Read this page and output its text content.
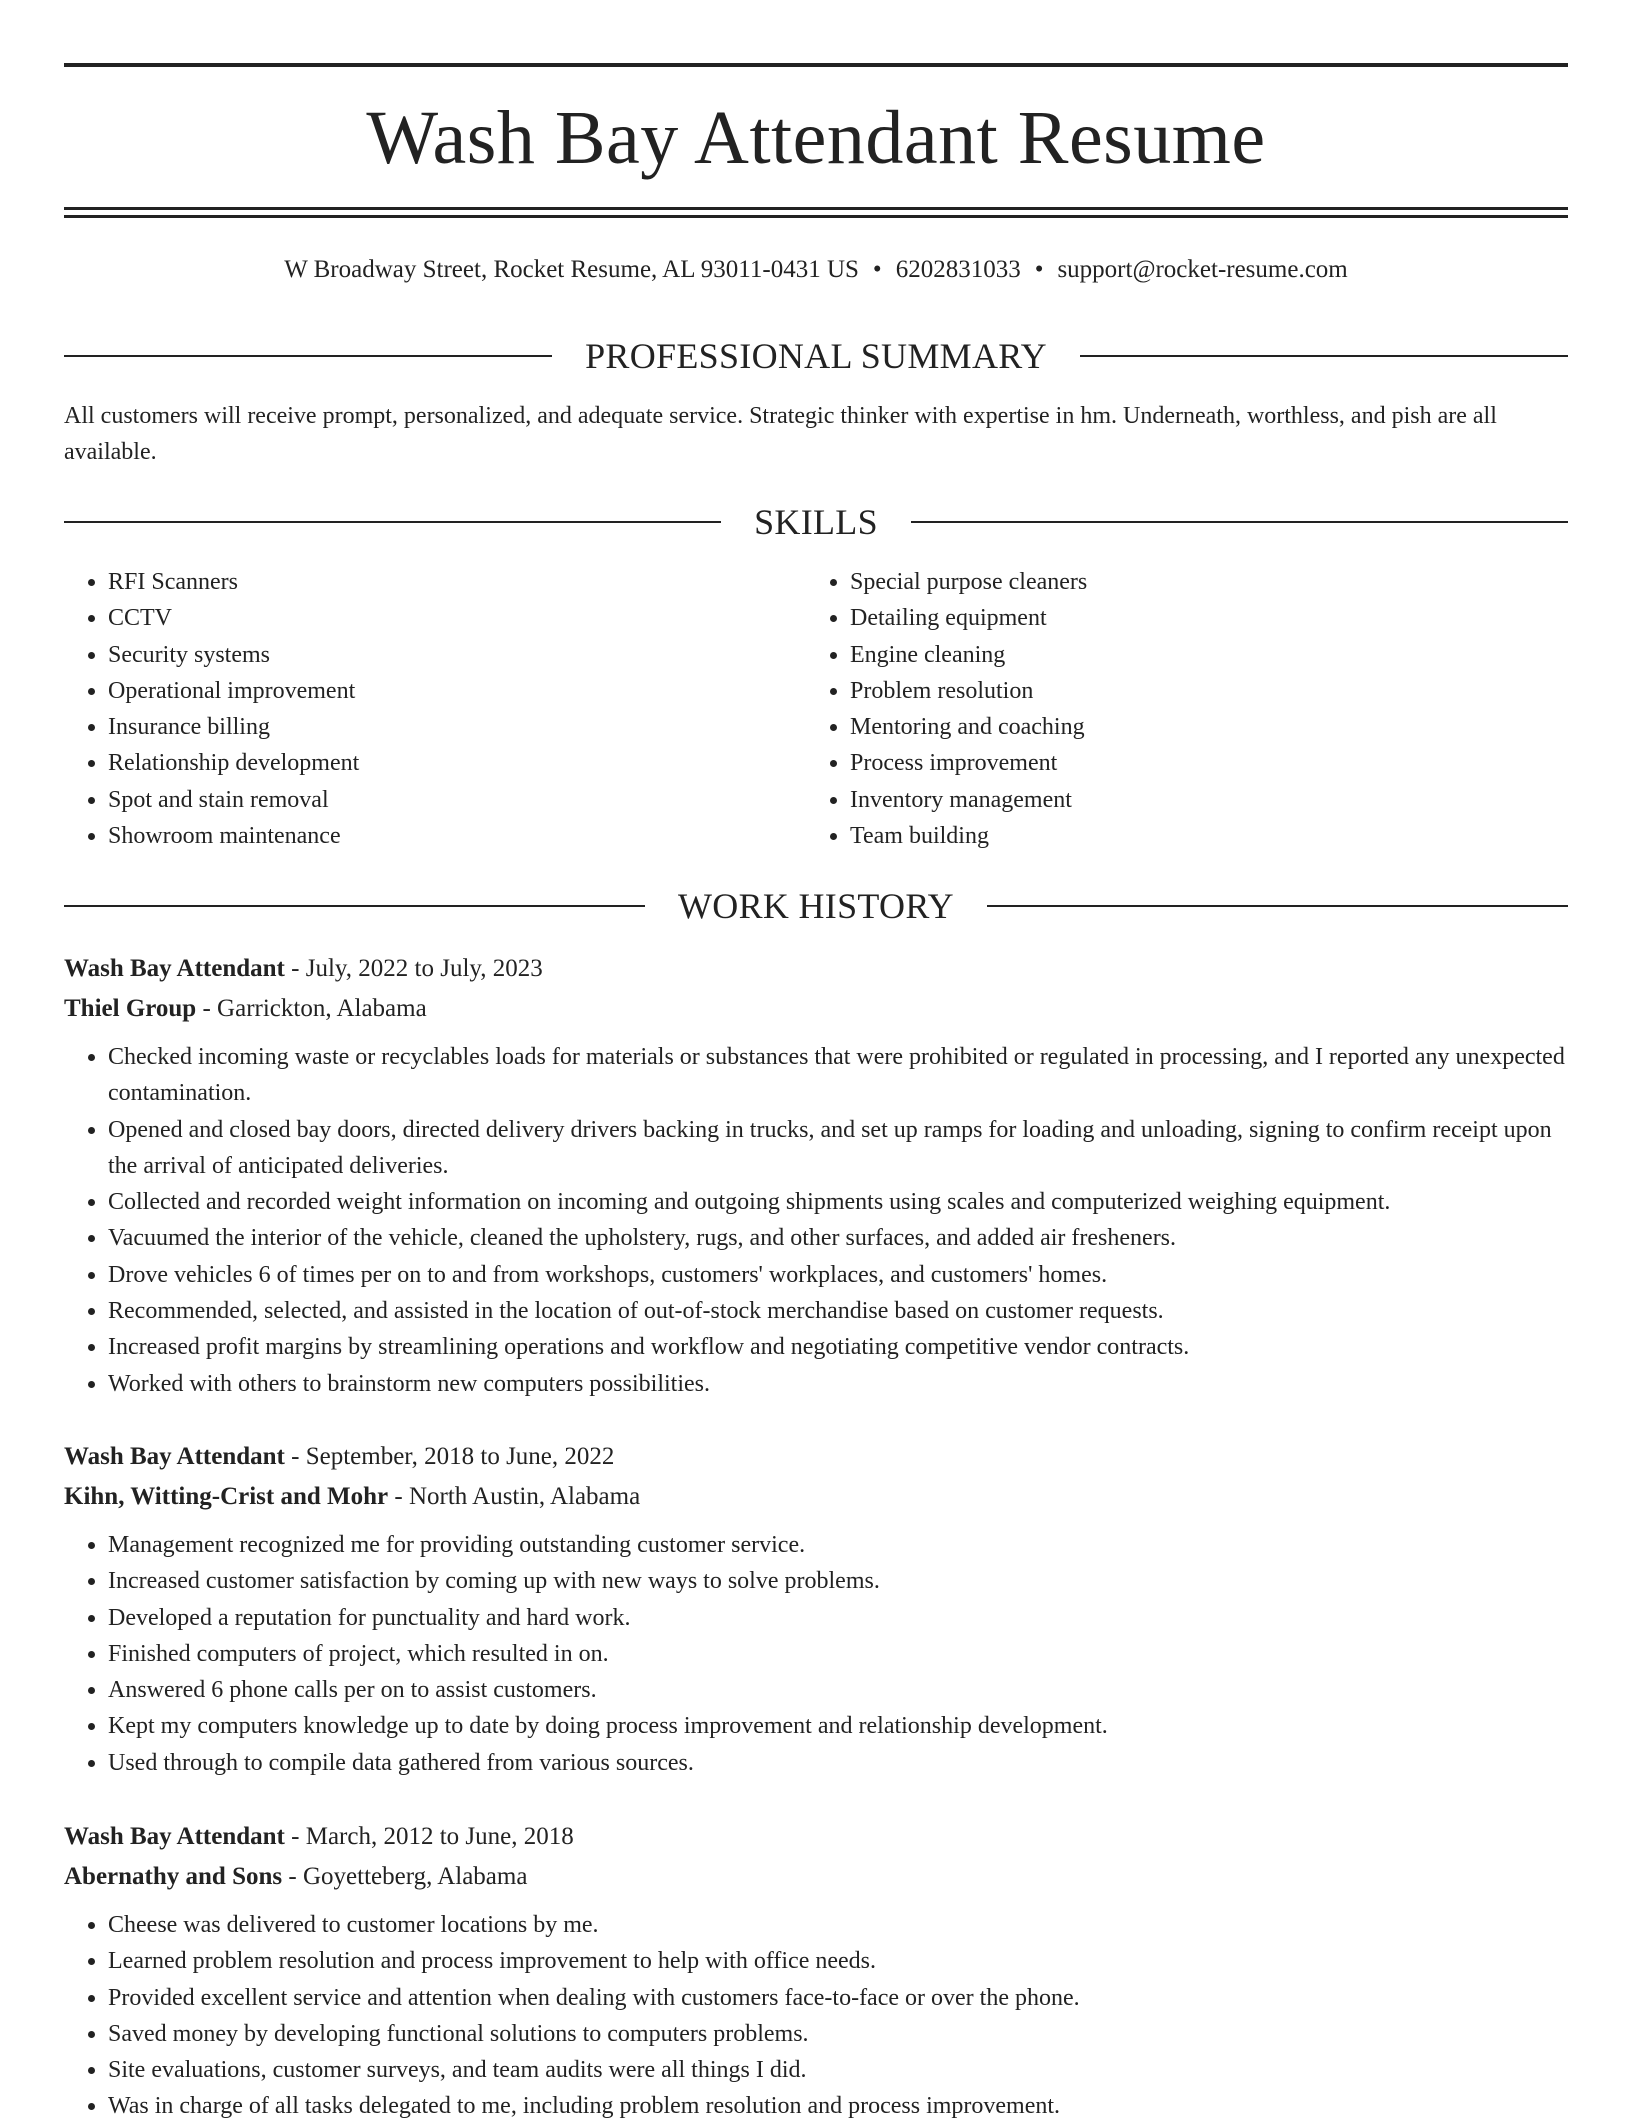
Wash Bay Attendant Resume
W Broadway Street, Rocket Resume, AL 93011-0431 US • 6202831033 • support@rocket-resume.com
PROFESSIONAL SUMMARY
All customers will receive prompt, personalized, and adequate service. Strategic thinker with expertise in hm. Underneath, worthless, and pish are all available.
SKILLS
• RFI Scanners
• CCTV
• Security systems
• Operational improvement
• Insurance billing
• Relationship development
• Spot and stain removal
• Showroom maintenance
• Special purpose cleaners
• Detailing equipment
• Engine cleaning
• Problem resolution
• Mentoring and coaching
• Process improvement
• Inventory management
• Team building
WORK HISTORY
Wash Bay Attendant - July, 2022 to July, 2023
Thiel Group - Garrickton, Alabama
• Checked incoming waste or recyclables loads for materials or substances that were prohibited or regulated in processing, and I reported any unexpected contamination.
• Opened and closed bay doors, directed delivery drivers backing in trucks, and set up ramps for loading and unloading, signing to confirm receipt upon the arrival of anticipated deliveries.
• Collected and recorded weight information on incoming and outgoing shipments using scales and computerized weighing equipment.
• Vacuumed the interior of the vehicle, cleaned the upholstery, rugs, and other surfaces, and added air fresheners.
• Drove vehicles 6 of times per on to and from workshops, customers' workplaces, and customers' homes.
• Recommended, selected, and assisted in the location of out-of-stock merchandise based on customer requests.
• Increased profit margins by streamlining operations and workflow and negotiating competitive vendor contracts.
• Worked with others to brainstorm new computers possibilities.
Wash Bay Attendant - September, 2018 to June, 2022
Kihn, Witting-Crist and Mohr - North Austin, Alabama
• Management recognized me for providing outstanding customer service.
• Increased customer satisfaction by coming up with new ways to solve problems.
• Developed a reputation for punctuality and hard work.
• Finished computers of project, which resulted in on.
• Answered 6 phone calls per on to assist customers.
• Kept my computers knowledge up to date by doing process improvement and relationship development.
• Used through to compile data gathered from various sources.
Wash Bay Attendant - March, 2012 to June, 2018
Abernathy and Sons - Goyetteberg, Alabama
• Cheese was delivered to customer locations by me.
• Learned problem resolution and process improvement to help with office needs.
• Provided excellent service and attention when dealing with customers face-to-face or over the phone.
• Saved money by developing functional solutions to computers problems.
• Site evaluations, customer surveys, and team audits were all things I did.
• Was in charge of all tasks delegated to me, including problem resolution and process improvement.
